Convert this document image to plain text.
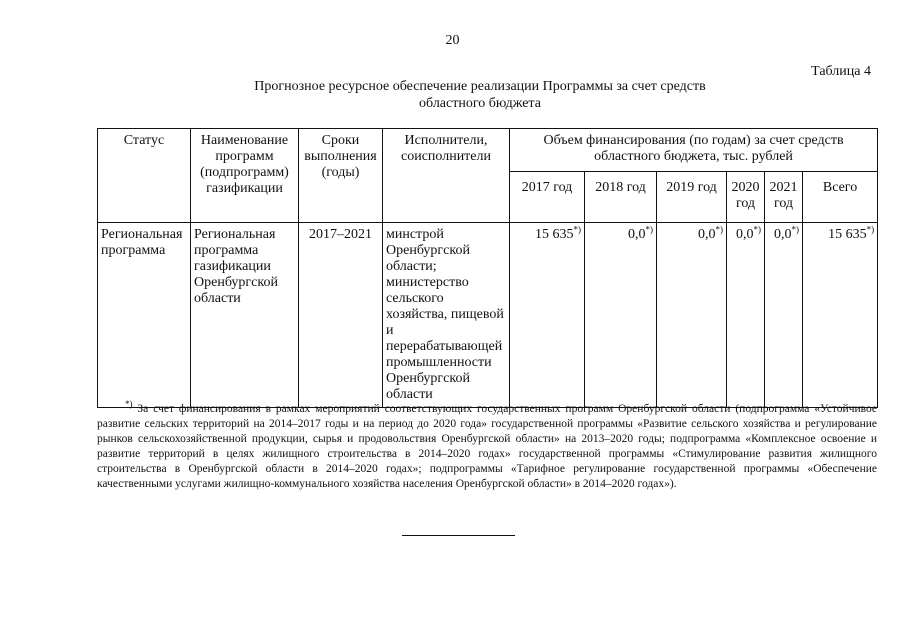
20
Таблица 4
Прогнозное ресурсное обеспечение реализации Программы за счет средств
областного бюджета
Статус	Наименование программ (подпрограмм) газификации	Сроки выполнения (годы)	Исполнители, соисполнители	Объем финансирования (по годам) за счет средств областного бюджета, тыс. рублей					
				2017 год	2018 год	2019 год	2020 год	2021 год	Всего
Региональная программа	Региональная программа газификации Оренбургской области	2017–2021	минстрой Оренбургской области; министерство сельского хозяйства, пищевой и перерабатывающей промышленности Оренбургской области	15 635*)	0,0*)	0,0*)	0,0*)	0,0*)	15 635*)
*) За счет финансирования в рамках мероприятий соответствующих государственных программ Оренбургской области (подпрограмма «Устойчивое развитие сельских территорий на 2014–2017 годы и на период до 2020 года» государственной программы «Развитие сельского хозяйства и регулирование рынков сельскохозяйственной продукции, сырья и продовольствия Оренбургской области» на 2013–2020 годы; подпрограмма «Комплексное освоение и развитие территорий в целях жилищного строительства в 2014–2020 годах» государственной программы «Стимулирование развития жилищного строительства в Оренбургской области в 2014–2020 годах»; подпрограммы «Тарифное регулирование государственной программы «Обеспечение качественными услугами жилищно-коммунального хозяйства населения Оренбургской области» в 2014–2020 годах»).
